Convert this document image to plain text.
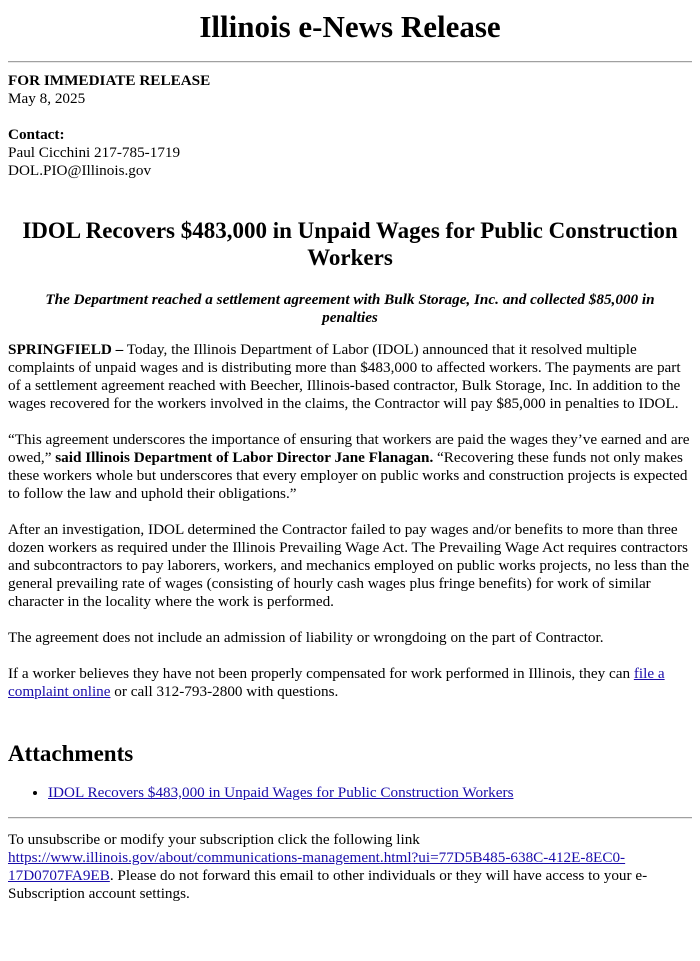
Illinois e-News Release
FOR IMMEDIATE RELEASE
May 8, 2025
Contact:
Paul Cicchini 217-785-1719
DOL.PIO@Illinois.gov
IDOL Recovers $483,000 in Unpaid Wages for Public Construction Workers
The Department reached a settlement agreement with Bulk Storage, Inc. and collected $85,000 in penalties

SPRINGFIELD – Today, the Illinois Department of Labor (IDOL) announced that it resolved multiple complaints of unpaid wages and is distributing more than $483,000 to affected workers. The payments are part of a settlement agreement reached with Beecher, Illinois-based contractor, Bulk Storage, Inc. In addition to the wages recovered for the workers involved in the claims, the Contractor will pay $85,000 in penalties to IDOL.

“This agreement underscores the importance of ensuring that workers are paid the wages they’ve earned and are owed,” said Illinois Department of Labor Director Jane Flanagan. “Recovering these funds not only makes these workers whole but underscores that every employer on public works and construction projects is expected to follow the law and uphold their obligations.”

After an investigation, IDOL determined the Contractor failed to pay wages and/or benefits to more than three dozen workers as required under the Illinois Prevailing Wage Act. The Prevailing Wage Act requires contractors and subcontractors to pay laborers, workers, and mechanics employed on public works projects, no less than the general prevailing rate of wages (consisting of hourly cash wages plus fringe benefits) for work of similar character in the locality where the work is performed.

The agreement does not include an admission of liability or wrongdoing on the part of Contractor.

If a worker believes they have not been properly compensated for work performed in Illinois, they can file a complaint online or call 312-793-2800 with questions.

Attachments
• IDOL Recovers $483,000 in Unpaid Wages for Public Construction Workers

To unsubscribe or modify your subscription click the following link https://www.illinois.gov/about/communications-management.html?ui=77D5B485-638C-412E-8EC0-17D0707FA9EB. Please do not forward this email to other individuals or they will have access to your e-Subscription account settings.
